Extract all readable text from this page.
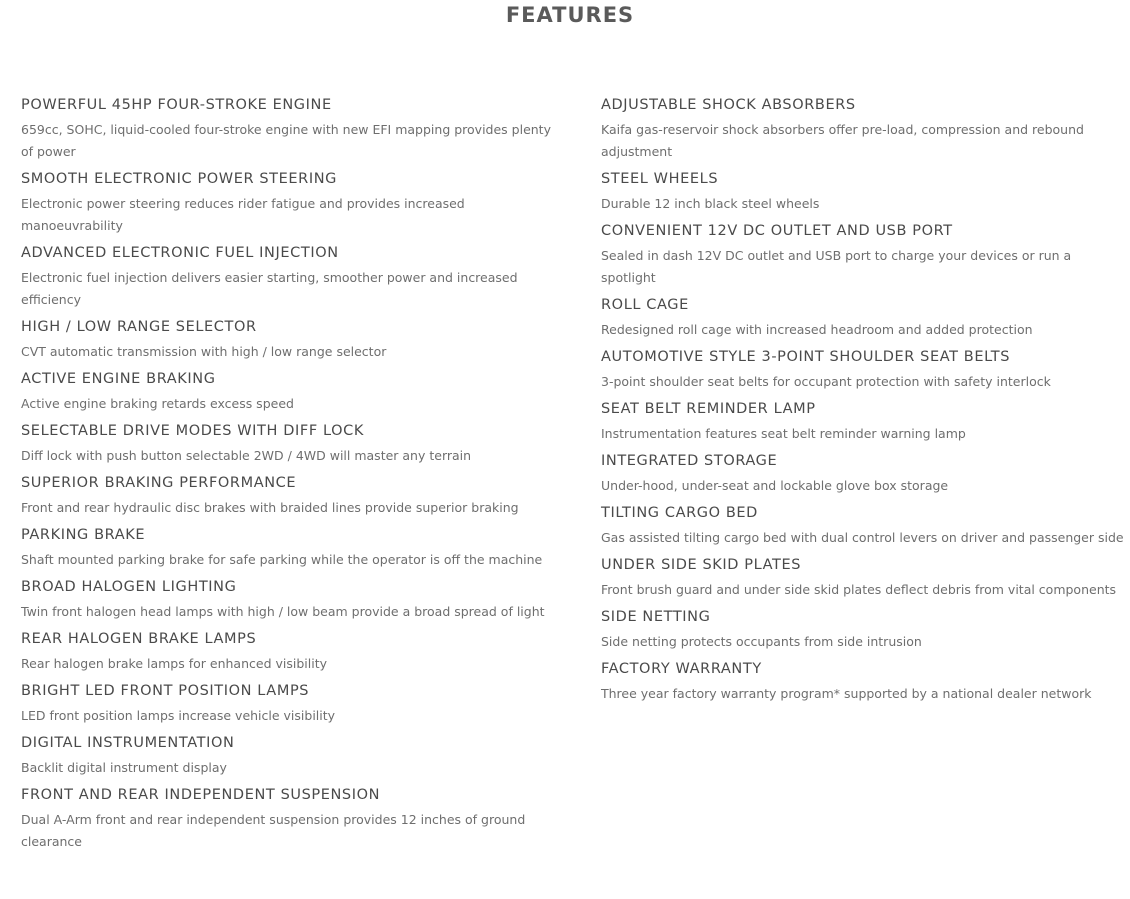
FEATURES
POWERFUL 45HP FOUR-STROKE ENGINE
659cc, SOHC, liquid-cooled four-stroke engine with new EFI mapping provides plenty of power
SMOOTH ELECTRONIC POWER STEERING
Electronic power steering reduces rider fatigue and provides increased manoeuvrability
ADVANCED ELECTRONIC FUEL INJECTION
Electronic fuel injection delivers easier starting, smoother power and increased efficiency
HIGH / LOW RANGE SELECTOR
CVT automatic transmission with high / low range selector
ACTIVE ENGINE BRAKING
Active engine braking retards excess speed
SELECTABLE DRIVE MODES WITH DIFF LOCK
Diff lock with push button selectable 2WD / 4WD will master any terrain
SUPERIOR BRAKING PERFORMANCE
Front and rear hydraulic disc brakes with braided lines provide superior braking
PARKING BRAKE
Shaft mounted parking brake for safe parking while the operator is off the machine
BROAD HALOGEN LIGHTING
Twin front halogen head lamps with high / low beam provide a broad spread of light
REAR HALOGEN BRAKE LAMPS
Rear halogen brake lamps for enhanced visibility
BRIGHT LED FRONT POSITION LAMPS
LED front position lamps increase vehicle visibility
DIGITAL INSTRUMENTATION
Backlit digital instrument display
FRONT AND REAR INDEPENDENT SUSPENSION
Dual A-Arm front and rear independent suspension provides 12 inches of ground clearance
ADJUSTABLE SHOCK ABSORBERS
Kaifa gas-reservoir shock absorbers offer pre-load, compression and rebound adjustment
STEEL WHEELS
Durable 12 inch black steel wheels
CONVENIENT 12V DC OUTLET AND USB PORT
Sealed in dash 12V DC outlet and USB port to charge your devices or run a spotlight
ROLL CAGE
Redesigned roll cage with increased headroom and added protection
AUTOMOTIVE STYLE 3-POINT SHOULDER SEAT BELTS
3-point shoulder seat belts for occupant protection with safety interlock
SEAT BELT REMINDER LAMP
Instrumentation features seat belt reminder warning lamp
INTEGRATED STORAGE
Under-hood, under-seat and lockable glove box storage
TILTING CARGO BED
Gas assisted tilting cargo bed with dual control levers on driver and passenger side
UNDER SIDE SKID PLATES
Front brush guard and under side skid plates deflect debris from vital components
SIDE NETTING
Side netting protects occupants from side intrusion
FACTORY WARRANTY
Three year factory warranty program* supported by a national dealer network
